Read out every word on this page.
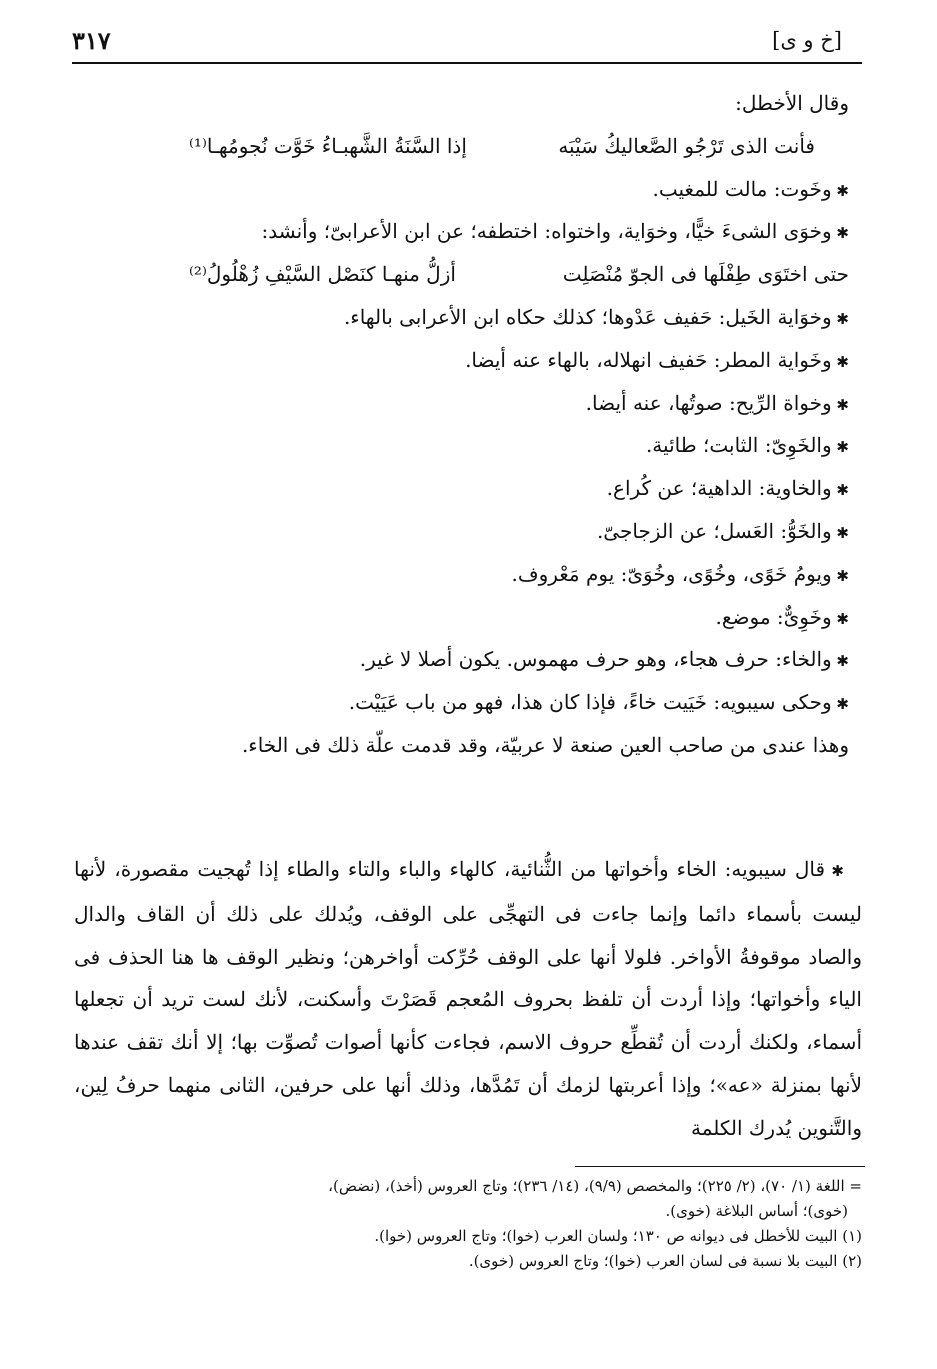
[خ و ى]
٣١٧
وقال الأخطل:
فأنت الذى تَرْجُو الصَّعاليكُ سَيْبَه
إذا السَّنَةُ الشَّهبـاءُ خَوَّت نُجومُهـا⁽¹⁾
✱ وخَوت: مالت للمغيب.
✱ وخوَى الشىءَ خيًّا، وخوَاية، واختواه: اختطفه؛ عن ابن الأعرابىّ؛ وأنشد:
حتى اختَوَى طِفْلَها فى الجوّ مُنْصَلِت
أزلُّ منهـا كنَصْل السَّيْفِ زُهْلُولُ⁽²⁾
✱ وخوَاية الخَيل: حَفيف عَدْوها؛ كذلك حكاه ابن الأعرابى بالهاء.
✱ وخَواية المطر: حَفيف انهلاله، بالهاء عنه أيضا.
✱ وخواة الرِّيح: صوتُها، عنه أيضا.
✱ والخَوِىّ: الثابت؛ طائية.
✱ والخاوية: الداهية؛ عن كُراع.
✱ والخَوُّ: العَسل؛ عن الزجاجىّ.
✱ ويومُ خَوًى، وخُوًى، وخُوَىّ: يوم مَعْروف.
✱ وخَوِىٌّ: موضع.
✱ والخاء: حرف هجاء، وهو حرف مهموس. يكون أصلا لا غير.
✱ وحكى سيبويه: خَيَيت خاءً، فإذا كان هذا، فهو من باب عَيَيْت.
وهذا عندى من صاحب العين صنعة لا عربيّة، وقد قدمت علّة ذلك فى الخاء.

✱ قال سيبويه: الخاء وأخواتها من الثُّنائية، كالهاء والباء والتاء والطاء إذا تُهجيت مقصورة، لأنها ليست بأسماء دائما وإنما جاءت فى التهجِّى على الوقف، ويُدلك على ذلك أن القاف والدال والصاد موقوفةُ الأواخر. فلولا أنها على الوقف حُرِّكت أواخرهن؛ ونظير الوقف ها هنا الحذف فى الياء وأخواتها؛ وإذا أردت أن تلفظ بحروف المُعجم قَصَرْتَ وأسكنت، لأنك لست تريد أن تجعلها أسماء، ولكنك أردت أن تُقطِّع حروف الاسم، فجاءت كأنها أصوات تُصوِّت بها؛ إلا أنك تقف عندها لأنها بمنزلة «عه»؛ وإذا أعربتها لزمك أن تَمُدَّها، وذلك أنها على حرفين، الثانى منهما حرفُ لِين، والتَّنوين يُدرك الكلمة

= اللغة (١/ ٧٠)، (٢/ ٢٢٥)؛ والمخصص (٩/٩)، (١٤/ ٢٣٦)؛ وتاج العروس (أخذ)، (نضض)،
(خوى)؛ أساس البلاغة (خوى).
(١) البيت للأخطل فى ديوانه ص ١٣٠؛ ولسان العرب (خوا)؛ وتاج العروس (خوا).
(٢) البيت بلا نسبة فى لسان العرب (خوا)؛ وتاج العروس (خوى).
